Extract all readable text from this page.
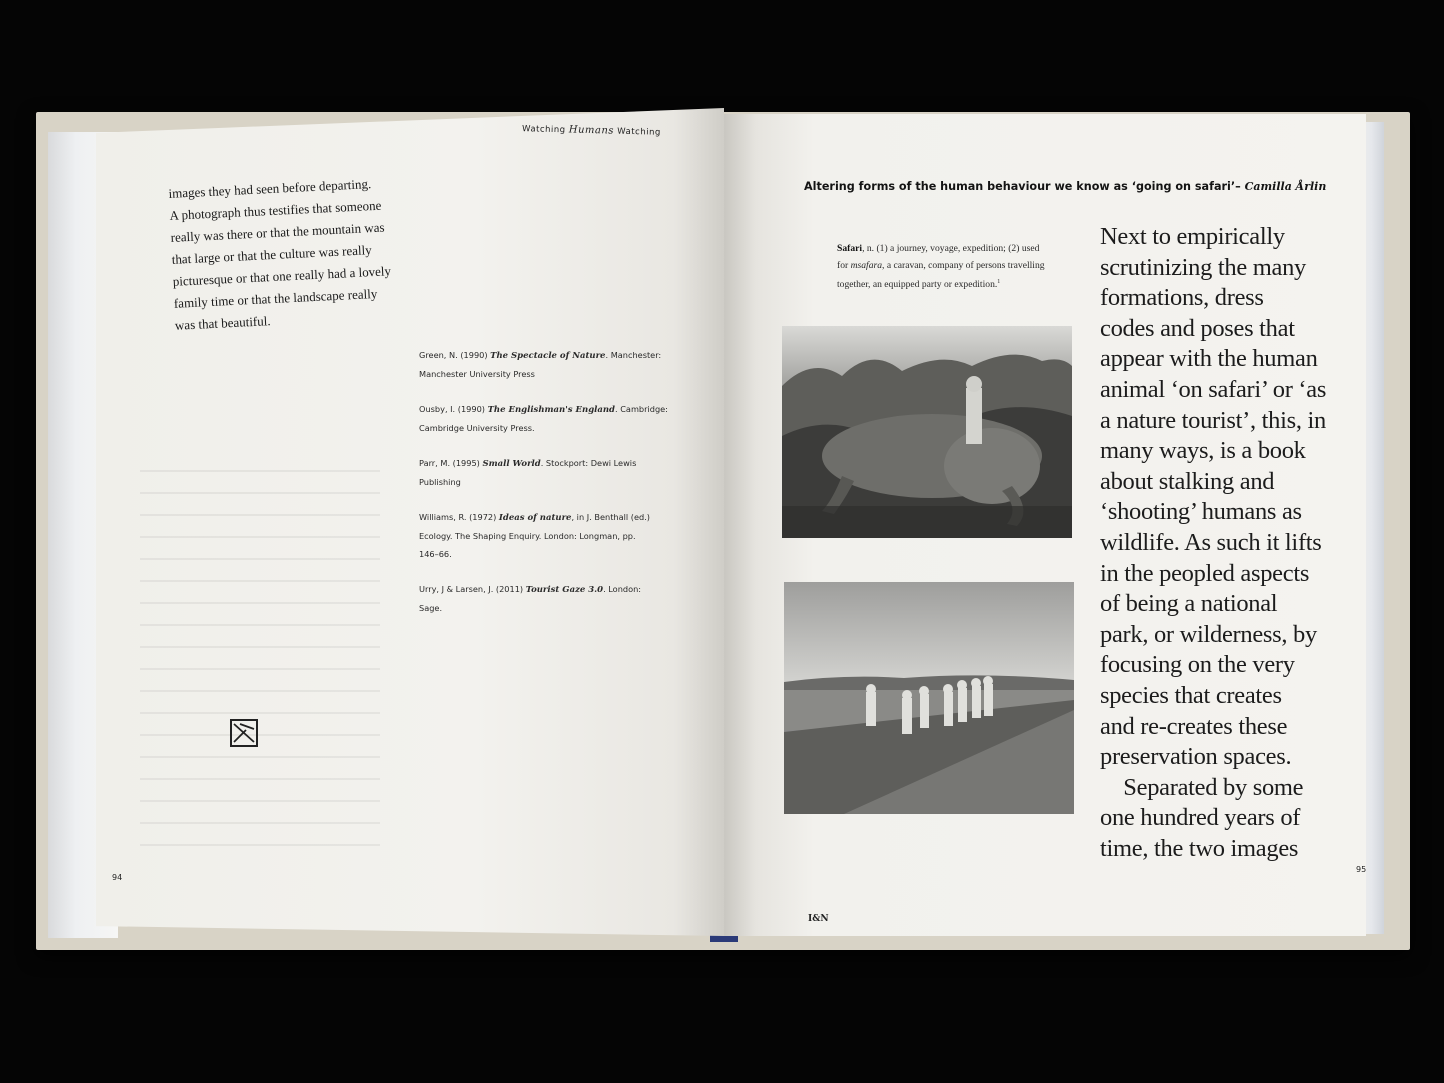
Watching Humans Watching
images they had seen before departing.
A photograph thus testifies that someone
really was there or that the mountain was
that large or that the culture was really
picturesque or that one really had a lovely
family time or that the landscape really
was that beautiful.
Green, N. (1990) The Spectacle of Nature. Manchester:
Manchester University Press
Ousby, I. (1990) The Englishman's England. Cambridge:
Cambridge University Press.
Parr, M. (1995) Small World. Stockport: Dewi Lewis
Publishing
Williams, R. (1972) Ideas of nature, in J. Benthall (ed.)
Ecology. The Shaping Enquiry. London: Longman, pp.
146–66.
Urry, J & Larsen, J. (2011) Tourist Gaze 3.0. London:
Sage.
94
Altering forms of the human behaviour we know as ‘going on safari’– Camilla Årlin
Safari, n. (1) a journey, voyage, expedition; (2) used
for msafara, a caravan, company of persons travelling
together, an equipped party or expedition.$^1$
Next to empirically
scrutinizing the many
formations, dress
codes and poses that
appear with the human
animal ‘on safari’ or ‘as
a nature tourist’, this, in
many ways, is a book
about stalking and
‘shooting’ humans as
wildlife. As such it lifts
in the peopled aspects
of being a national
park, or wilderness, by
focusing on the very
species that creates
and re-creates these
preservation spaces.
Separated by some
one hundred years of
time, the two images
I&N
95
